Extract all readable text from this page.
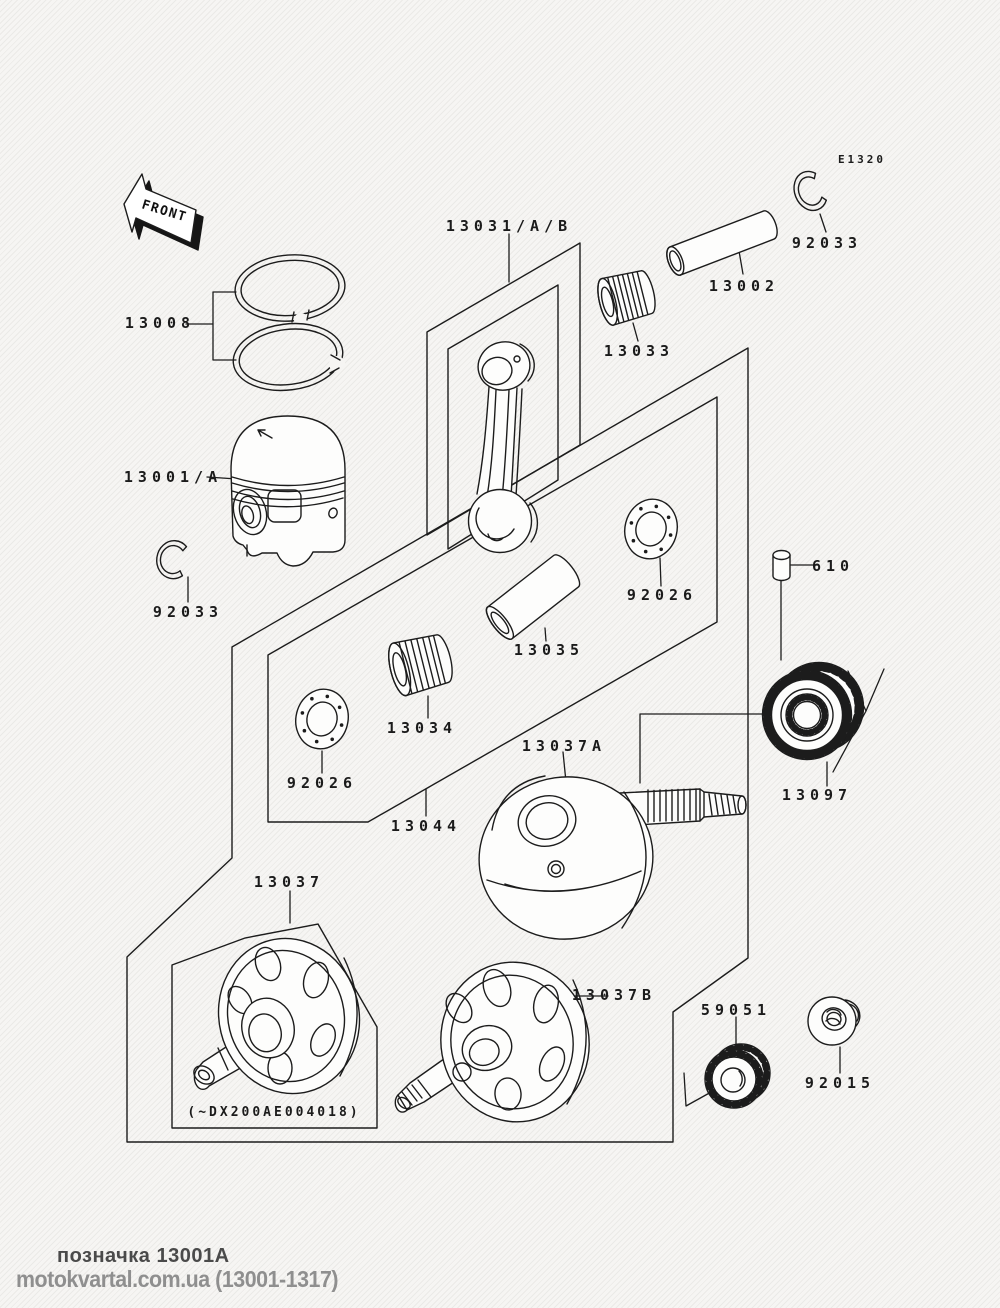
FRONT
13008
13001/A
92033
13031/A/B
13033
13002
92033
92026
13035
610
13034
92026
13044
13037A
13097
13037
13037B
59051
92015
E1320
(~DX200AE004018)
позначка 13001A
motokvartal.com.ua (13001-1317)
